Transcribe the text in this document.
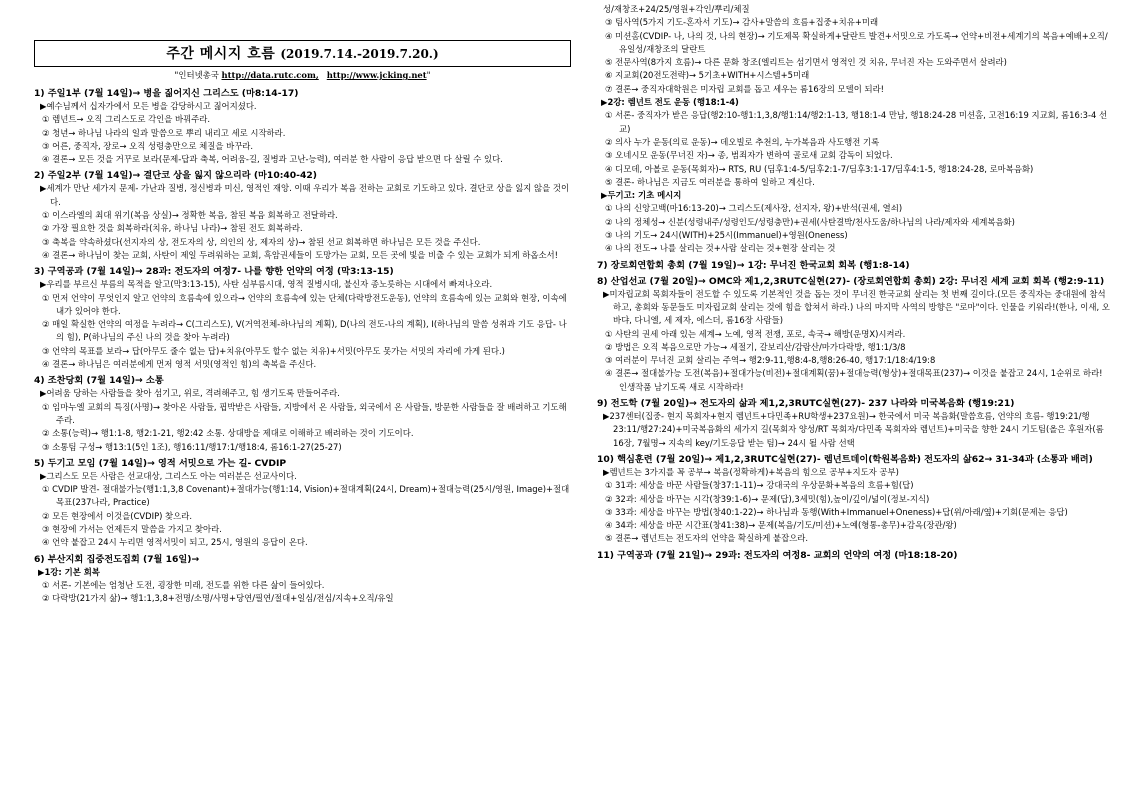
주간 메시지 흐름 (2019.7.14.-2019.7.20.)
"인터넷총국 http://data.rutc.com, http://www.jcking.net"
1) 주일1부 (7월 14일)→ 병을 짊어지신 그리스도 (마8:14-17)
▶예수님께서 십자가에서 모든 병을 감당하시고 짊어지셨다.
① 렘넌트→ 오직 그리스도로 각인을 바꿔주라.
② 청년→ 하나님 나라의 일과 말씀으로 뿌리 내리고 세로 시작하라.
③ 어른, 중직자, 장로→ 오직 성령충만으로 체질을 바꾸라.
④ 결론→ 모든 것을 거꾸로 보라(문제-답과 축복, 어려움-길, 질병과 고난-능력), 여러분 한 사람이 응답 받으면 다 살릴 수 있다.
2) 주일2부 (7월 14일)→ 결단코 상을 잃지 않으리라 (마10:40-42)
▶세계가 만난 세가지 문제- 가난과 질병, 정신병과 미신, 영적인 재앙. 이때 우리가 복음 전하는 교회로 기도하고 있다. 결단코 상을 잃지 않을 것이다.
① 이스라엘의 최대 위기(복음 상실)→ 정확한 복음, 참된 복음 회복하고 전달하라.
② 가장 필요한 것을 회복하라(치유, 하나님 나라)→ 참된 전도 회복하라.
③ 축복을 약속하셨다(선지자의 상, 전도자의 상, 의인의 상, 제자의 상)→ 참된 선교 회복하면 하나님은 모든 것을 주신다.
④ 결론→ 하나님이 찾는 교회, 사탄이 제일 두려워하는 교회, 흑암권세들이 도망가는 교회, 모든 곳에 빛을 비출 수 있는 교회가 되게 하옵소서!
3) 구역공과 (7월 14일)→ 28과: 전도자의 여정7- 나를 향한 언약의 여정 (막3:13-15)
▶우리를 부르신 부름의 목적을 알고(막3:13-15), 사탄 심부름시대, 영적 질병시대, 불신자 종노릇하는 시대에서 빠져나오라.
① 먼저 언약이 무엇인지 알고 언약의 흐름속에 있으라→ 언약의 흐름속에 있는 단체(다락방전도운동), 언약의 흐름속에 있는 교회와 현장, 이속에 내가 있어야 한다.
② 매일 확실한 언약의 여정을 누려라→ C(그리스도), V(거역전체-하나님의 계획), D(나의 전도-나의 계획), I(하나님의 말씀 성취과 기도 응답- 나의 힘), P(하나님의 주신 나의 것을 찾아 누려라)
③ 언약의 목표를 보라→ 답(아무도 줄수 없는 답)+치유(아무도 할수 없는 치유)+서밋(아무도 못가는 서밋의 자리에 가게 된다.)
④ 결론→ 하나님은 여러분에게 먼저 영적 서밋(영적인 힘)의 축복을 주신다.
4) 조찬당회 (7월 14일)→ 소통
▶어려움 당하는 사람들을 찾아 섬기고, 위로, 격려해주고, 힘 생기도록 만들어주라.
① 임마누엘 교회의 특징(사명)→ 찾아온 사람들, 핍박받은 사람들, 지방에서 온 사람들, 외국에서 온 사람들, 방문한 사람들을 잘 배려하고 기도해주라.
② 소통(능력)→ 행1:1-8, 행2:1-21, 행2:42 소통. 상대방을 제대로 이해하고 배려하는 것이 기도이다.
③ 소통팀 구성→ 행13:1(5인 1조), 행16:11/행17:1/행18:4, 롬16:1-27(25-27)
5) 두기고 모임 (7월 14일)→ 영적 서밋으로 가는 길- CVDIP
▶그리스도 모든 사람은 선교대상, 그리스도 아는 여러분은 선교사이다.
① CVDIP 발견- 절대불가능(행1:1,3,8 Covenant)+절대가능(행1:14, Vision)+절대계획(24시, Dream)+절대능력(25시/영원, Image)+절대목표(237나라, Practice)
② 모든 현장에서 이것을(CVDIP) 찾으라.
③ 현장에 가서는 언제든지 말씀을 가지고 찾아라.
④ 언약 붙잡고 24시 누리면 영적서밋이 되고, 25시, 영원의 응답이 온다.
6) 부산지회 집중전도집회 (7월 16일)→
▶1강: 기본 회복
① 서론- 기본에는 엄청난 도전, 굉장한 미래, 전도를 위한 다른 삶이 들어있다.
② 다락방(21가지 삶)→ 행1:1,3,8+전명/소명/사명+당연/필연/절대+일심/전심/지속+오직/유일
성/재창조+24/25/영원+각인/뿌리/체질
③ 팀사역(5가지 기도-혼자서 기도)→ 감사+말씀의 흐름+집중+치유+미래
④ 미션홈(CVDIP- 나, 나의 것, 나의 현장)→ 기도제목 확실하게+달란트 발견+서밋으로 가도록→ 언약+비전+세계기의 복음+예배+오직/유일성/재창조의 달란트
⑤ 전문사역(8가지 흐름)→ 다른 문화 창조(엘리트는 섬기면서 영적인 것 치유, 무너진 자는 도와주면서 살려라)
⑥ 지교회(20전도전략)→ 5기초+WITH+시스템+5미래
⑦ 결론→ 중직자대학원은 미자립 교회를 돕고 세우는 롬16장의 모델이 되라!
▶2강: 렘넌트 전도 운동 (행18:1-4)
① 서론- 중직자가 받은 응답(행2:10-행1:1,3,8/행1:14/행2:1-13, 행18:1-4 만남, 행18:24-28 미션홈, 고전16:19 지교회, 롬16:3-4 선교)
② 의사 누가 운동(의료 운동)→ 데오빌로 추천의, 누가복음과 사도행전 기록
③ 오네시모 운동(무너진 자)→ 종, 범죄자가 변하여 골로새 교회 감독이 되었다.
④ 디모데, 아볼로 운동(목회자)→ RTS, RU (딤후1:4-5/딤후2:1-7/딤후3:1-17/딤후4:1-5, 행18:24-28, 로마복음화)
⑤ 결론- 하나님은 지금도 여러분을 통하여 일하고 계신다.
▶두기고: 기초 메시지
① 나의 신앙고백(마16:13-20)→ 그리스도(제사장, 선지자, 왕)+반석(권세, 열쇠)
② 나의 정체성→ 신분(성령내주/성령인도/성령충만)+권세(사탄결박/천사도움/하나님의 나라/제자와 세계복음화)
③ 나의 기도→ 24시(WITH)+25시(Immanuel)+영원(Oneness)
④ 나의 전도→ 나를 살리는 것+사람 살리는 것+현장 살리는 것
7) 장로회연합회 총회 (7월 19일)→ 1강: 무너진 한국교회 회복 (행1:8-14)
8) 산업선교 (7월 20일)→ OMC와 제1,2,3RUTC실현(27)- (장로회연합회 총회) 2강: 무너진 세계 교회 회복 (행2:9-11)
▶미자립교회 목회자들이 전도할 수 있도록 기본적인 것을 돕는 것이 무너진 한국교회 살리는 첫 번째 길이다.(모든 중직자는 중대원에 참석하고, 총회와 동문들도 미자립교회 살리는 것에 힘을 합쳐서 하라.) 나의 마지막 사역의 방향은 "로마"이다. 인물을 키워라!(한나, 이새, 오바댜, 다니엘, 세 제자, 에스더, 롬16장 사람들)
① 사탄의 권세 아래 있는 세계→ 노예, 영적 전쟁, 포로, 속국→ 해방(운명X)시켜라.
② 방법은 오직 복음으로만 가능→ 세절기, 갈보리산/감람산/마가다락방, 행1:1/3/8
③ 여러분이 무너진 교회 살리는 주역→ 행2:9-11,행8:4-8,행8:26-40, 행17:1/18:4/19:8
④ 결론→ 절대불가능 도전(복음)+절대가능(비전)+절대계획(꿈)+절대능력(형상)+절대목표(237)→ 이것을 붙잡고 24시, 1순위로 하라! 인생작품 남기도록 새로 시작하라!
9) 전도학 (7월 20일)→ 전도자의 삶과 제1,2,3RUTC실현(27)- 237 나라와 미국복음화 (행19:21)
▶237센터(집중- 현지 목회자+현지 렘넌트+다민족+RU학생+237요원)→ 한국에서 미국 복음화(말씀흐름, 언약의 흐름- 행19:21/행23:11/행27:24)+미국복음화의 세가지 길(목회자 양성/RT 목회자/다민족 목회자와 렘넌트)+미국을 향한 24시 기도팀(올은 후원자(롬16장, 7월명→ 지속의 key/기도응답 받는 팀)→ 24시 될 사람 선택
10) 핵심훈련 (7월 20일)→ 제1,2,3RUTC실현(27)- 렘넌트데이(학원복음화) 전도자의 삶62→ 31-34과 (소통과 배려)
▶렘넌트는 3가지를 꼭 공부→ 복음(정확하게)+복음의 힘으로 공부+지도자 공부)
① 31과: 세상을 바꾼 사람들(창37:1-11)→ 강대국의 우상문화+복음의 흐름+힘(답)
② 32과: 세상을 바꾸는 시각(창39:1-6)→ 문제(답),3세밋(힘),높이/깊이/넓이(정보-지식)
③ 33과: 세상을 바꾸는 방법(창40:1-22)→ 하나님과 동행(With+Immanuel+Oneness)+답(위/아래/옆)+기회(문제는 응답)
④ 34과: 세상을 바꾼 시간표(창41:38)→ 문제(복음/기도/미션)+노예(형통-총무)+감옥(장관/왕)
⑤ 결론→ 렘넌트는 전도자의 언약을 확실하게 붙잡으라.
11) 구역공과 (7월 21일)→ 29과: 전도자의 여정8- 교회의 언약의 여정 (마18:18-20)
